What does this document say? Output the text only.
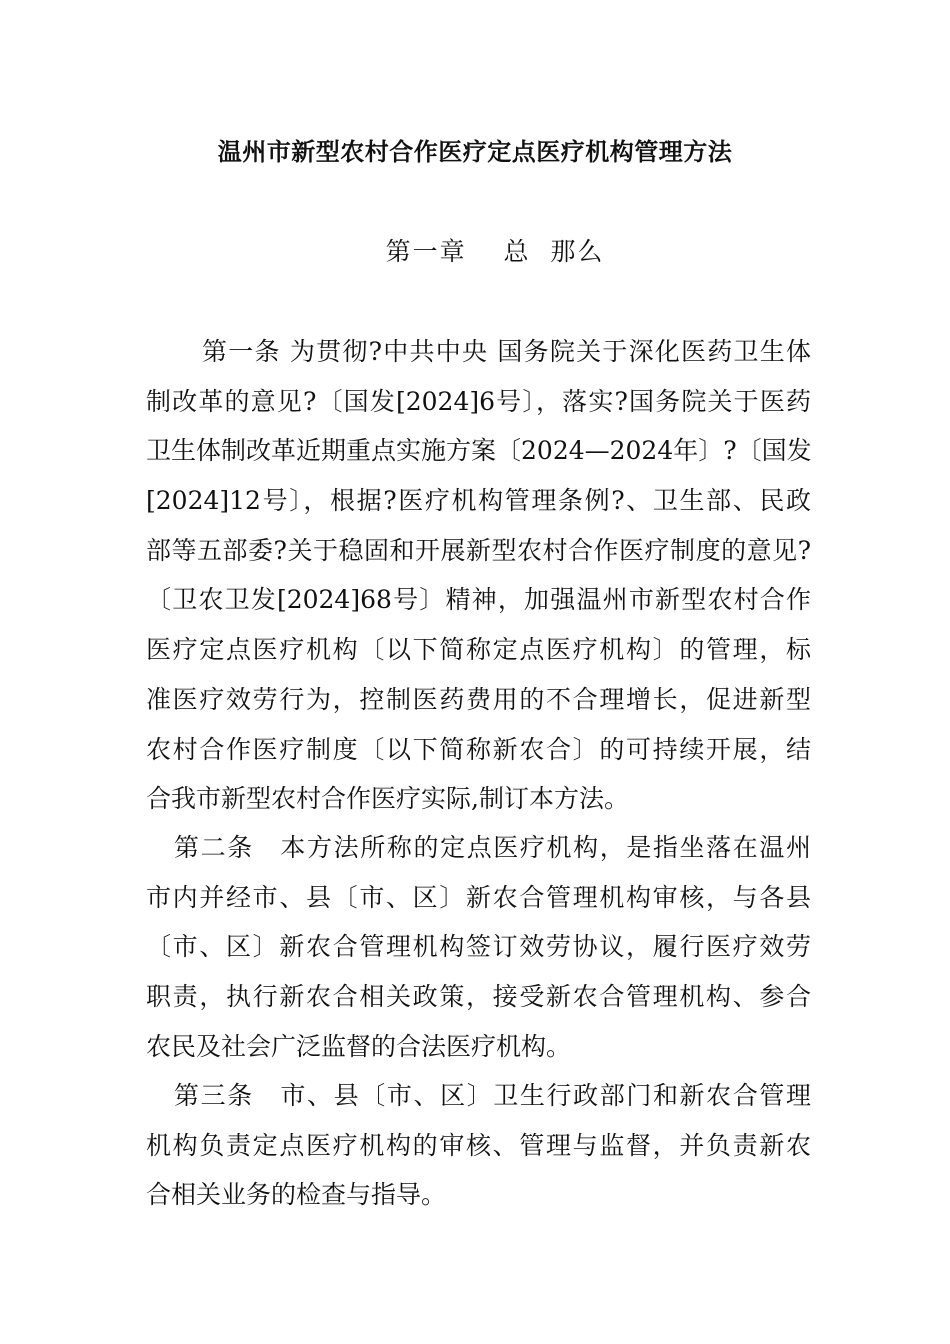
温州市新型农村合作医疗定点医疗机构管理方法
第一章　 总  那么
第一条 为贯彻?中共中央 国务院关于深化医药卫生体
制改革的意见?〔国发[2024]6号〕，落实?国务院关于医药
卫生体制改革近期重点实施方案〔2024—2024年〕?〔国发
[2024]12号〕，根据?医疗机构管理条例?、卫生部、民政
部等五部委?关于稳固和开展新型农村合作医疗制度的意见?
〔卫农卫发[2024]68号〕精神，加强温州市新型农村合作
医疗定点医疗机构〔以下简称定点医疗机构〕的管理，标
准医疗效劳行为，控制医药费用的不合理增长，促进新型
农村合作医疗制度〔以下简称新农合〕的可持续开展，结
合我市新型农村合作医疗实际,制订本方法。
第二条　本方法所称的定点医疗机构，是指坐落在温州
市内并经市、县〔市、区〕新农合管理机构审核，与各县
〔市、区〕新农合管理机构签订效劳协议，履行医疗效劳
职责，执行新农合相关政策，接受新农合管理机构、参合
农民及社会广泛监督的合法医疗机构。
第三条　市、县〔市、区〕卫生行政部门和新农合管理
机构负责定点医疗机构的审核、管理与监督，并负责新农
合相关业务的检查与指导。
